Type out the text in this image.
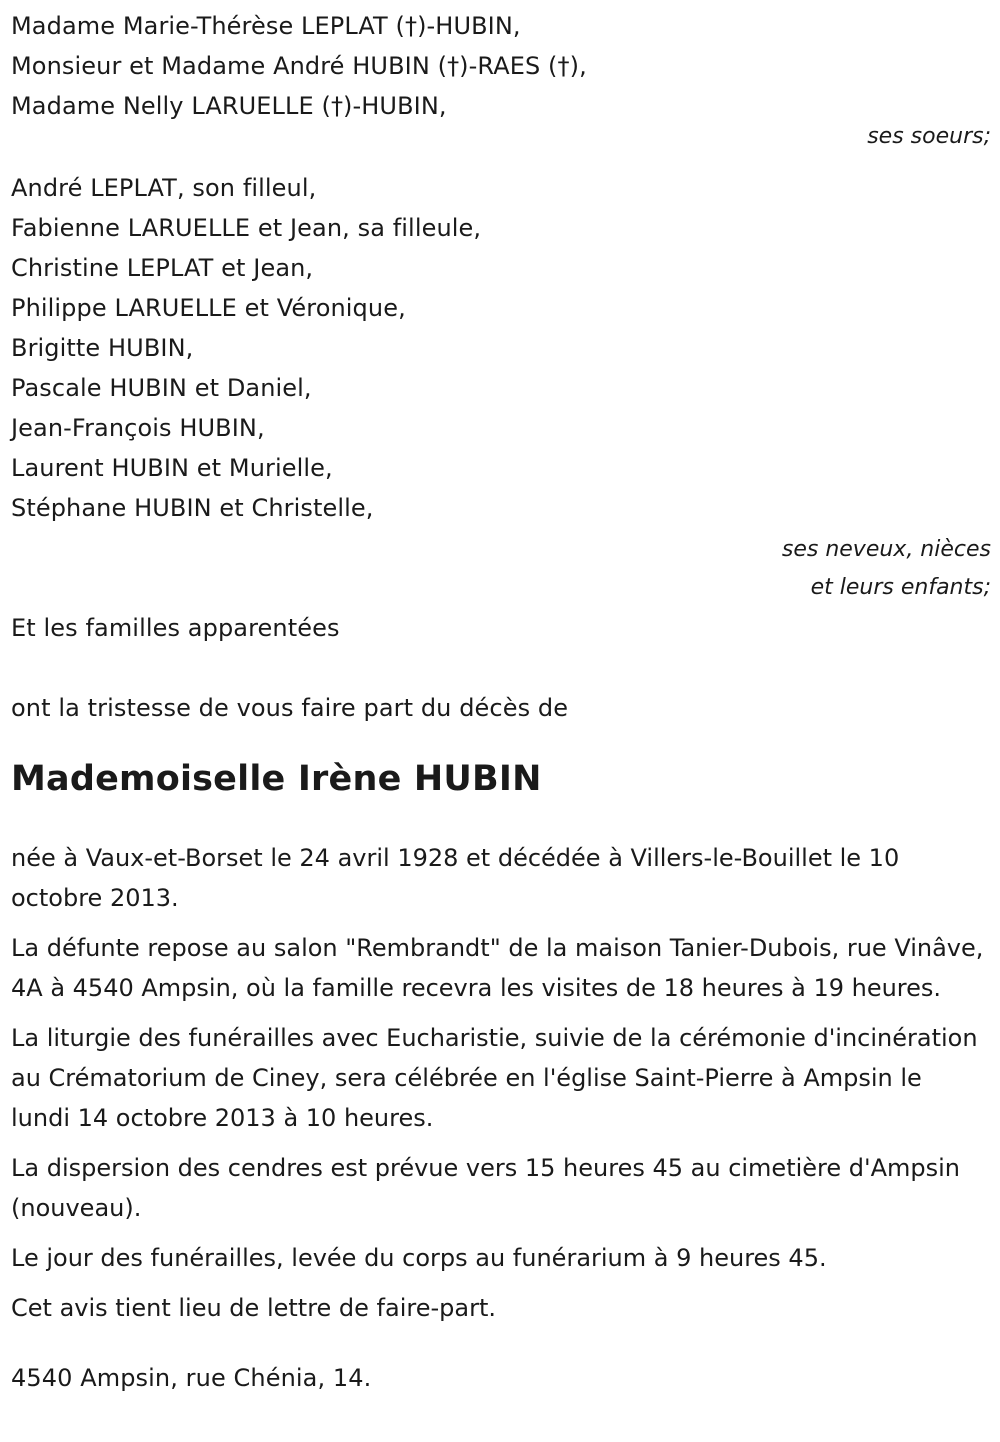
Madame Marie-Thérèse LEPLAT (†)-HUBIN,
Monsieur et Madame André HUBIN (†)-RAES (†),
Madame Nelly LARUELLE (†)-HUBIN,
ses soeurs;
André LEPLAT, son filleul,
Fabienne LARUELLE et Jean, sa filleule,
Christine LEPLAT et Jean,
Philippe LARUELLE et Véronique,
Brigitte HUBIN,
Pascale HUBIN et Daniel,
Jean-François HUBIN,
Laurent HUBIN et Murielle,
Stéphane HUBIN et Christelle,
ses neveux, nièces
et leurs enfants;
Et les familles apparentées
ont la tristesse de vous faire part du décès de
Mademoiselle Irène HUBIN
née à Vaux-et-Borset le 24 avril 1928 et décédée à Villers-le-Bouillet le 10 octobre 2013.
La défunte repose au salon "Rembrandt" de la maison Tanier-Dubois, rue Vinâve, 4A à 4540 Ampsin, où la famille recevra les visites de 18 heures à 19 heures.
La liturgie des funérailles avec Eucharistie, suivie de la cérémonie d'incinération au Crématorium de Ciney, sera célébrée en l'église Saint-Pierre à Ampsin le lundi 14 octobre 2013 à 10 heures.
La dispersion des cendres est prévue vers 15 heures 45 au cimetière d'Ampsin (nouveau).
Le jour des funérailles, levée du corps au funérarium à 9 heures 45.
Cet avis tient lieu de lettre de faire-part.
4540 Ampsin, rue Chénia, 14.
